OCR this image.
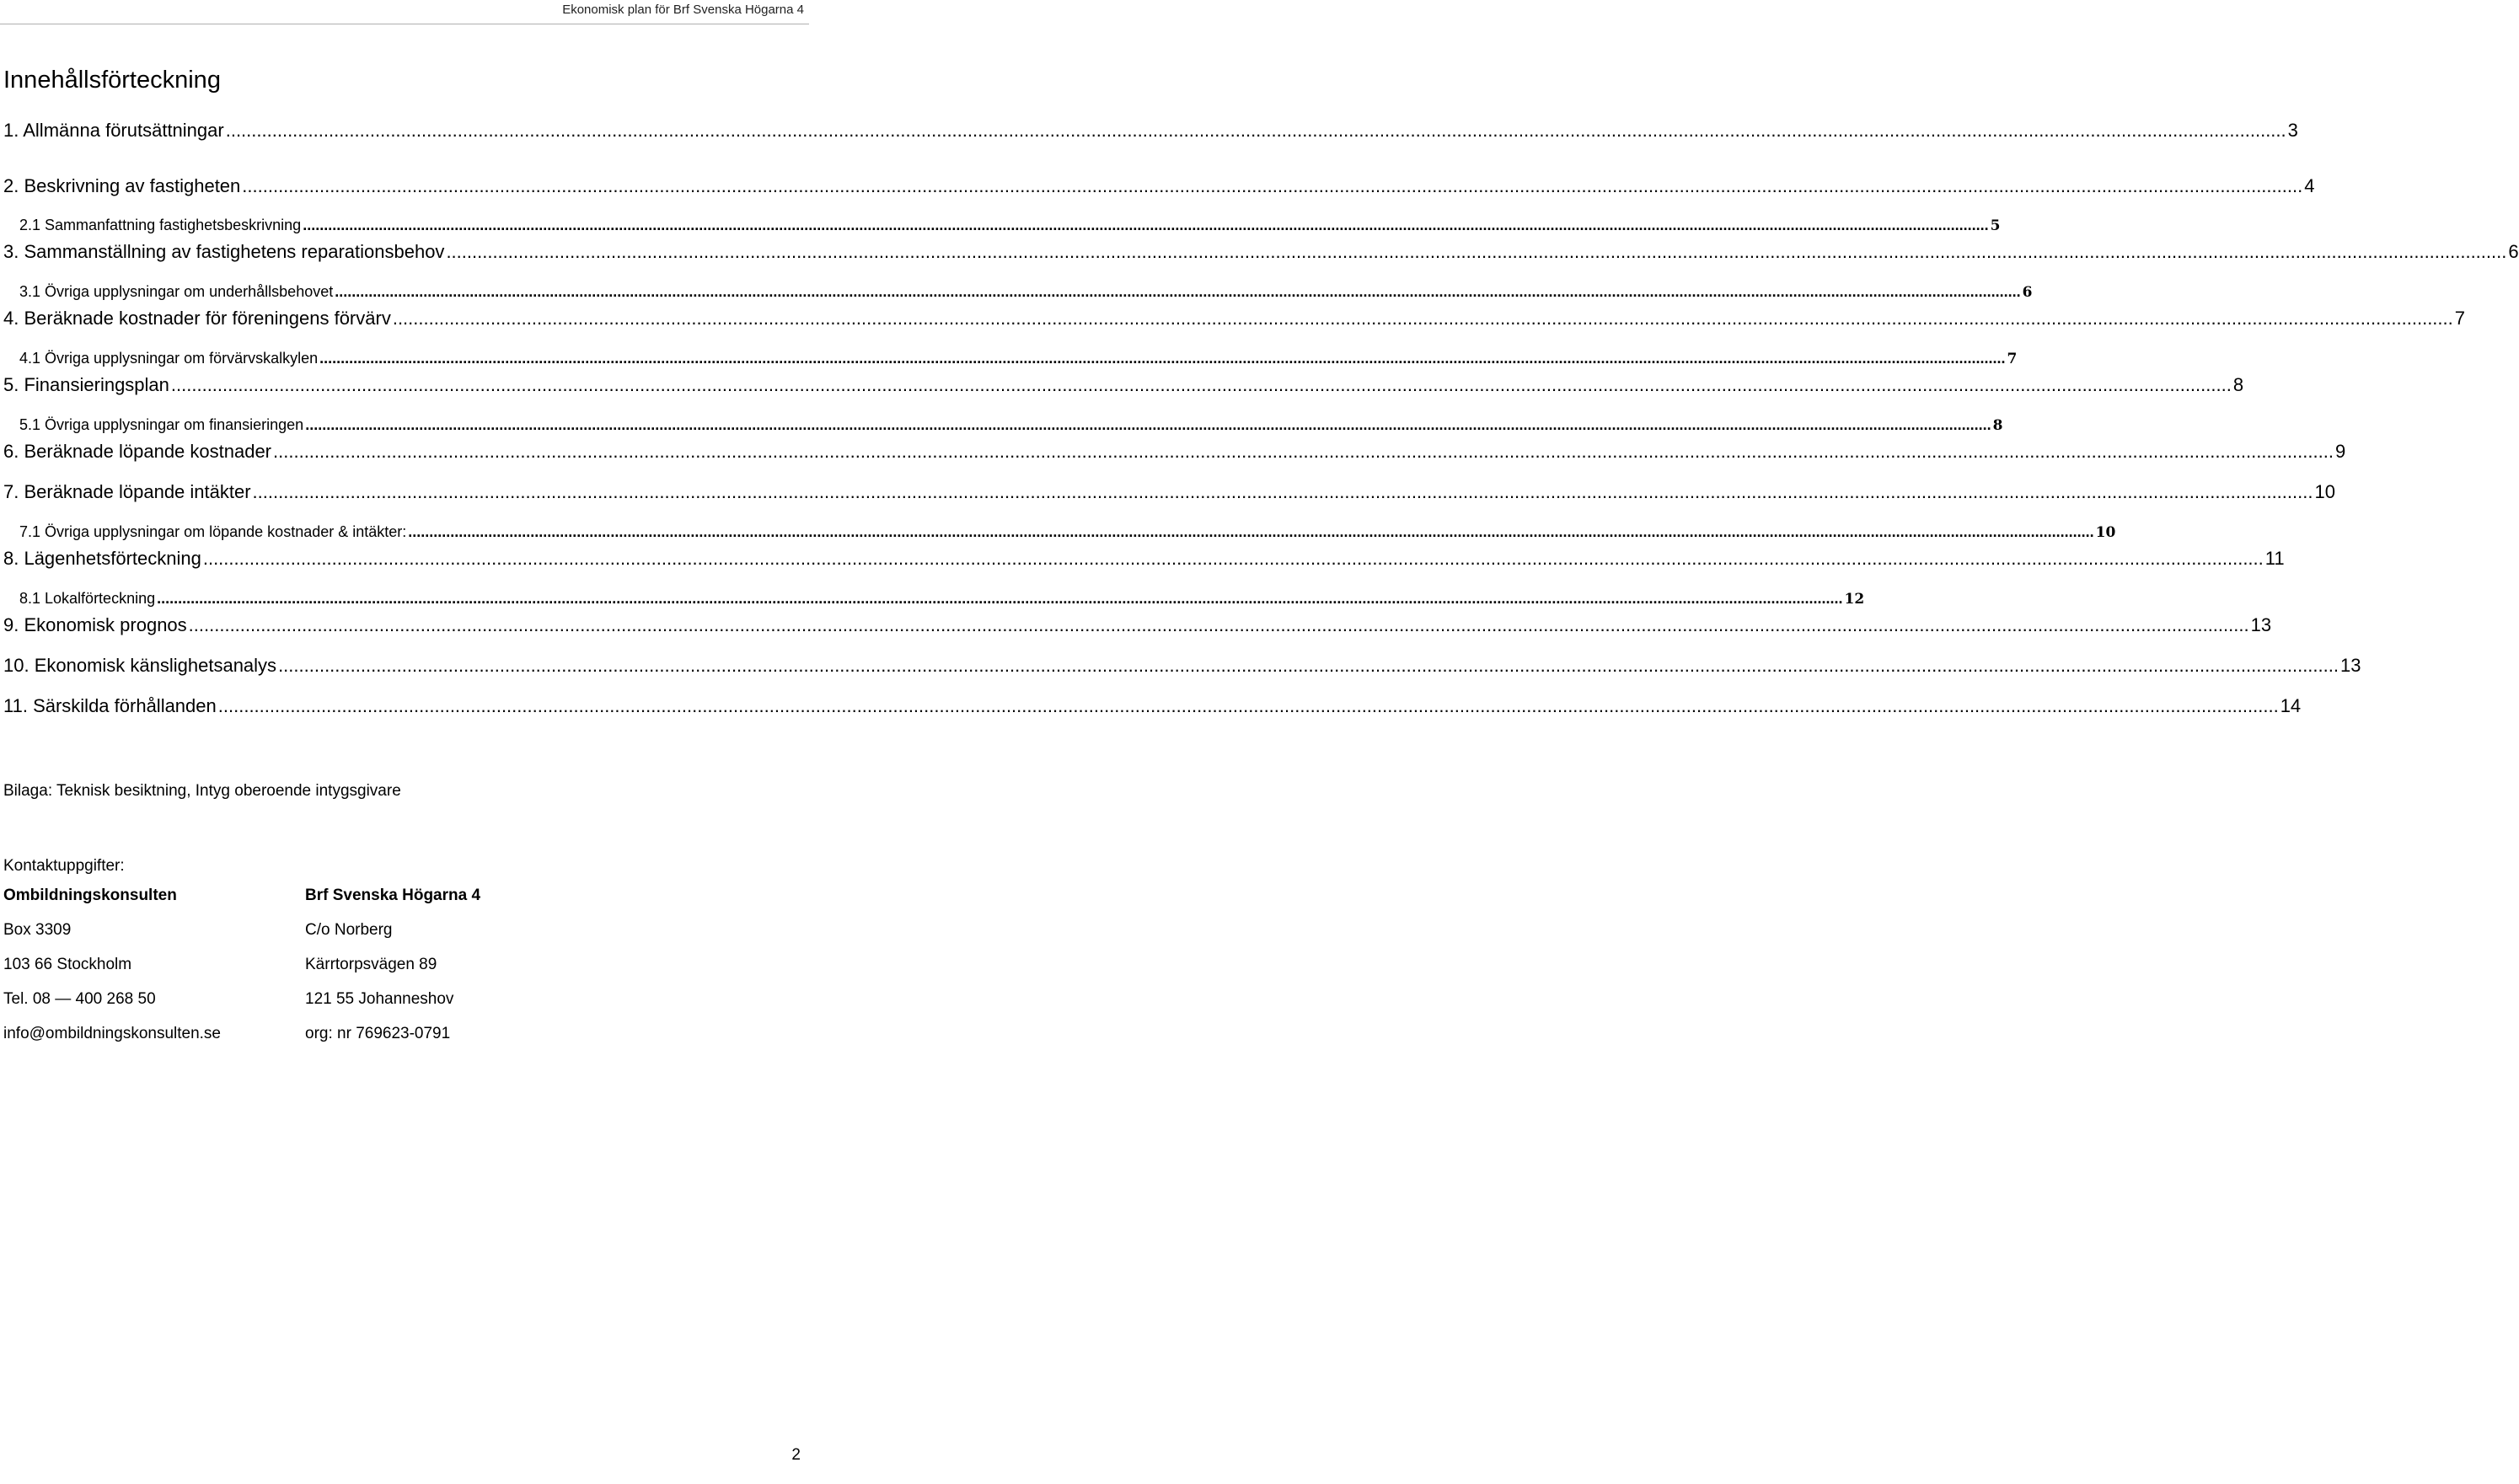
Ekonomisk plan för Brf Svenska Högarna 4
Innehållsförteckning
1. Allmänna förutsättningar ................................................................................................................................................................................................................................................................................................................................................................................................................ 3
2. Beskrivning av fastigheten ................................................................................................................................................................................................................................................................................................................................................................................................................ 4
2.1 Sammanfattning fastighetsbeskrivning ................................................................................................................................................................................................................................................................................................................................................................................................................ 5
3. Sammanställning av fastighetens reparationsbehov ................................................................................................................................................................................................................................................................................................................................................................................................................ 6
3.1 Övriga upplysningar om underhållsbehovet ................................................................................................................................................................................................................................................................................................................................................................................................................ 6
4. Beräknade kostnader för föreningens förvärv ................................................................................................................................................................................................................................................................................................................................................................................................................ 7
4.1 Övriga upplysningar om förvärvskalkylen ................................................................................................................................................................................................................................................................................................................................................................................................................ 7
5. Finansieringsplan ................................................................................................................................................................................................................................................................................................................................................................................................................ 8
5.1 Övriga upplysningar om finansieringen ................................................................................................................................................................................................................................................................................................................................................................................................................ 8
6. Beräknade löpande kostnader ................................................................................................................................................................................................................................................................................................................................................................................................................ 9
7. Beräknade löpande intäkter ................................................................................................................................................................................................................................................................................................................................................................................................................ 10
7.1 Övriga upplysningar om löpande kostnader & intäkter: ................................................................................................................................................................................................................................................................................................................................................................................................................ 10
8. Lägenhetsförteckning ................................................................................................................................................................................................................................................................................................................................................................................................................ 11
8.1 Lokalförteckning ................................................................................................................................................................................................................................................................................................................................................................................................................ 12
9. Ekonomisk prognos ................................................................................................................................................................................................................................................................................................................................................................................................................ 13
10. Ekonomisk känslighetsanalys ................................................................................................................................................................................................................................................................................................................................................................................................................ 13
11. Särskilda förhållanden ................................................................................................................................................................................................................................................................................................................................................................................................................ 14
Bilaga: Teknisk besiktning, Intyg oberoende intygsgivare
Kontaktuppgifter:
Ombildningskonsulten
Box 3309
103 66 Stockholm
Tel. 08 — 400 268 50
info@ombildningskonsulten.se
Brf Svenska Högarna 4
C/o Norberg
Kärrtorpsvägen 89
121 55 Johanneshov
org: nr 769623-0791
2
